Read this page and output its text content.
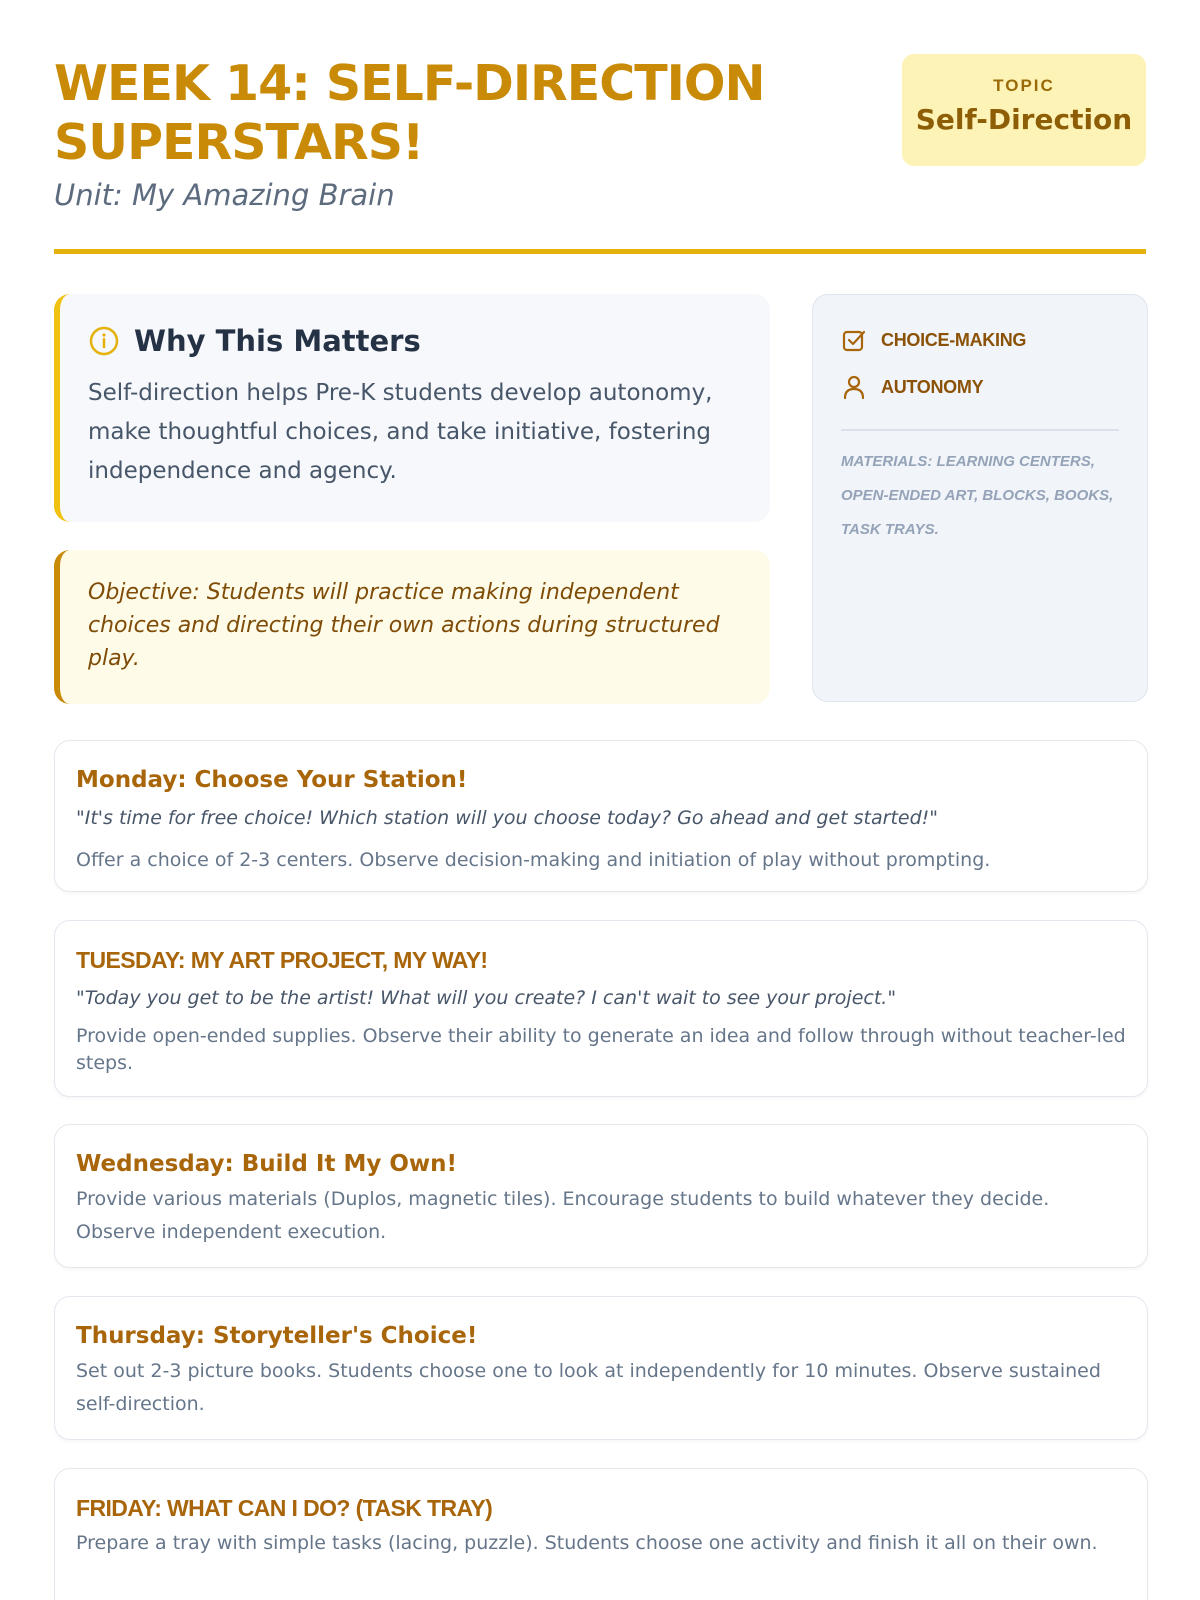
WEEK 14: SELF-DIRECTION SUPERSTARS!
Unit: My Amazing Brain
TOPIC
Self-Direction
Why This Matters

Self-direction helps Pre-K students develop autonomy, make thoughtful choices, and take initiative, fostering independence and agency.

Objective: Students will practice making independent choices and directing their own actions during structured play.

CHOICE-MAKING
AUTONOMY

MATERIALS: LEARNING CENTERS, OPEN-ENDED ART, BLOCKS, BOOKS, TASK TRAYS.

Monday: Choose Your Station!
"It's time for free choice! Which station will you choose today? Go ahead and get started!"
Offer a choice of 2-3 centers. Observe decision-making and initiation of play without prompting.
TUESDAY: MY ART PROJECT, MY WAY!
"Today you get to be the artist! What will you create? I can't wait to see your project."
Provide open-ended supplies. Observe their ability to generate an idea and follow through without teacher-led steps.
Wednesday: Build It My Own!
Provide various materials (Duplos, magnetic tiles). Encourage students to build whatever they decide. Observe independent execution.
Thursday: Storyteller's Choice!
Set out 2-3 picture books. Students choose one to look at independently for 10 minutes. Observe sustained self-direction.
FRIDAY: WHAT CAN I DO? (TASK TRAY)
Prepare a tray with simple tasks (lacing, puzzle). Students choose one activity and finish it all on their own.
